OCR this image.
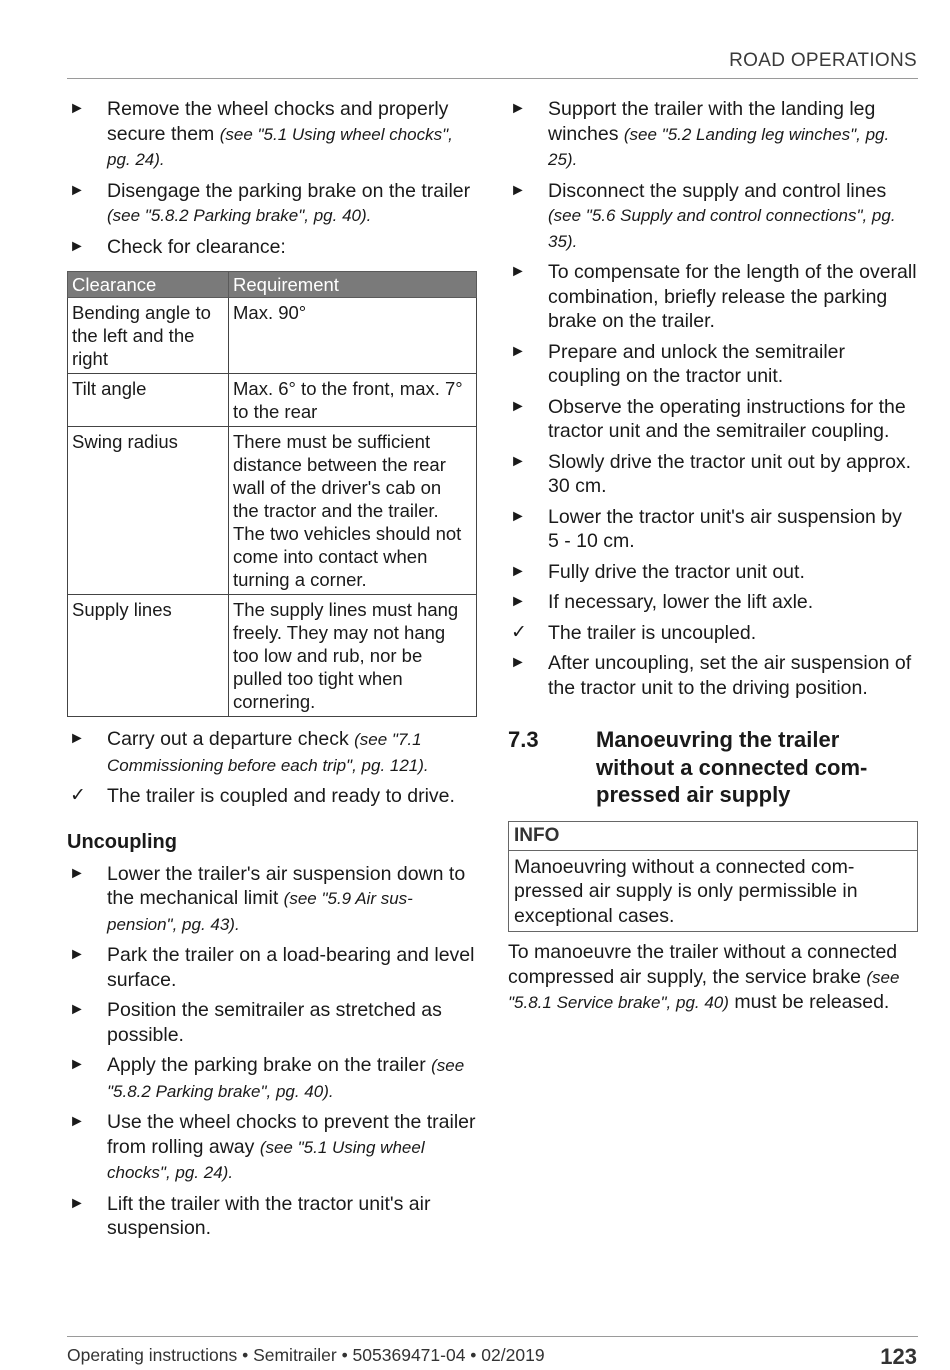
ROAD OPERATIONS
► Remove the wheel chocks and properly secure them (see "5.1 Using wheel chocks", pg. 24).
► Disengage the parking brake on the trailer (see "5.8.2 Parking brake", pg. 40).
► Check for clearance:
Clearance	Requirement
Bending angle to the left and the right	Max. 90°
Tilt angle	Max. 6° to the front, max. 7° to the rear
Swing radius	There must be sufficient distance between the rear wall of the driver's cab on the tractor and the trailer. The two vehicles should not come into contact when turning a corner.
Supply lines	The supply lines must hang freely. They may not hang too low and rub, nor be pulled too tight when cornering.
► Carry out a departure check (see "7.1 Commissioning before each trip", pg. 121).
✓ The trailer is coupled and ready to drive.
Uncoupling
► Lower the trailer's air suspension down to the mechanical limit (see "5.9 Air suspension", pg. 43).
► Park the trailer on a load-bearing and level surface.
► Position the semitrailer as stretched as possible.
► Apply the parking brake on the trailer (see "5.8.2 Parking brake", pg. 40).
► Use the wheel chocks to prevent the trailer from rolling away (see "5.1 Using wheel chocks", pg. 24).
► Lift the trailer with the tractor unit's air suspension.
► Support the trailer with the landing leg winches (see "5.2 Landing leg winches", pg. 25).
► Disconnect the supply and control lines (see "5.6 Supply and control connections", pg. 35).
► To compensate for the length of the overall combination, briefly release the parking brake on the trailer.
► Prepare and unlock the semitrailer coupling on the tractor unit.
► Observe the operating instructions for the tractor unit and the semitrailer coupling.
► Slowly drive the tractor unit out by approx. 30 cm.
► Lower the tractor unit's air suspension by 5 - 10 cm.
► Fully drive the tractor unit out.
► If necessary, lower the lift axle.
✓ The trailer is uncoupled.
► After uncoupling, set the air suspension of the tractor unit to the driving position.
7.3	Manoeuvring the trailer without a connected compressed air supply
INFO
Manoeuvring without a connected compressed air supply is only permissible in exceptional cases.
To manoeuvre the trailer without a connected compressed air supply, the service brake (see "5.8.1 Service brake", pg. 40) must be released.
Operating instructions • Semitrailer • 505369471-04 • 02/2019	123
